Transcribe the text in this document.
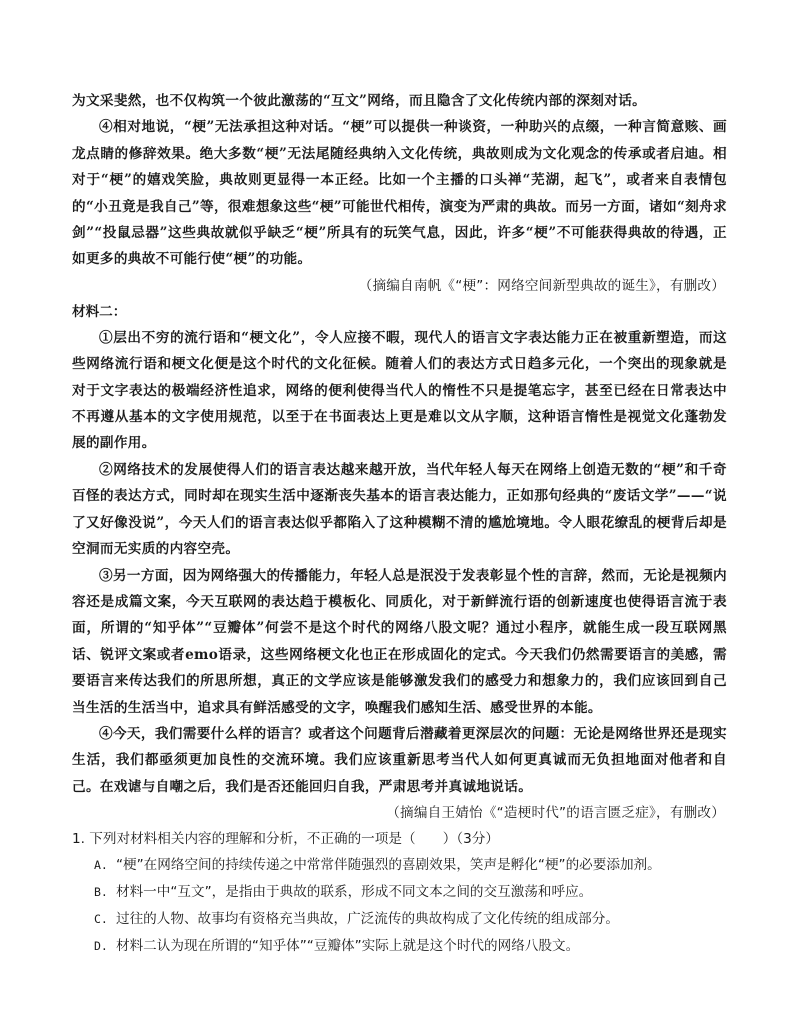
为文采斐然，也不仅构筑一个彼此激荡的“互文”网络，而且隐含了文化传统内部的深刻对话。

④相对地说，“梗”无法承担这种对话。“梗”可以提供一种谈资，一种助兴的点缀，一种言简意赅、画龙点睛的修辞效果。绝大多数“梗”无法尾随经典纳入文化传统，典故则成为文化观念的传承或者启迪。相对于“梗”的嬉戏笑脸，典故则更显得一本正经。比如一个主播的口头禅“芜湖，起飞”，或者来自表情包的“小丑竟是我自己”等，很难想象这些“梗”可能世代相传，演变为严肃的典故。而另一方面，诸如“刻舟求剑”“投鼠忌器”这些典故就似乎缺乏“梗”所具有的玩笑气息，因此，许多“梗”不可能获得典故的待遇，正如更多的典故不可能行使“梗”的功能。

（摘编自南帆《“梗”：网络空间新型典故的诞生》，有删改）

材料二：

①层出不穷的流行语和“梗文化”，令人应接不暇，现代人的语言文字表达能力正在被重新塑造，而这些网络流行语和梗文化便是这个时代的文化征候。随着人们的表达方式日趋多元化，一个突出的现象就是对于文字表达的极端经济性追求，网络的便利使得当代人的惰性不只是提笔忘字，甚至已经在日常表达中不再遵从基本的文字使用规范，以至于在书面表达上更是难以文从字顺，这种语言惰性是视觉文化蓬勃发展的副作用。

②网络技术的发展使得人们的语言表达越来越开放，当代年轻人每天在网络上创造无数的“梗”和千奇百怪的表达方式，同时却在现实生活中逐渐丧失基本的语言表达能力，正如那句经典的“废话文学”——“说了又好像没说”，今天人们的语言表达似乎都陷入了这种模糊不清的尴尬境地。令人眼花缭乱的梗背后却是空洞而无实质的内容空壳。

③另一方面，因为网络强大的传播能力，年轻人总是泯没于发表彰显个性的言辞，然而，无论是视频内容还是成篇文案，今天互联网的表达趋于模板化、同质化，对于新鲜流行语的创新速度也使得语言流于表面，所谓的“知乎体”“豆瓣体”何尝不是这个时代的网络八股文呢？通过小程序，就能生成一段互联网黑话、锐评文案或者emo语录，这些网络梗文化也正在形成固化的定式。今天我们仍然需要语言的美感，需要语言来传达我们的所思所想，真正的文学应该是能够激发我们的感受力和想象力的，我们应该回到自己当生活的生活当中，追求具有鲜活感受的文字，唤醒我们感知生活、感受世界的本能。

④今天，我们需要什么样的语言？或者这个问题背后潜藏着更深层次的问题：无论是网络世界还是现实生活，我们都亟须更加良性的交流环境。我们应该重新思考当代人如何更真诚而无负担地面对他者和自己。在戏谑与自嘲之后，我们是否还能回归自我，严肃思考并真诚地说话。

（摘编自王婧怡《“造梗时代”的语言匮乏症》，有删改）

1. 下列对材料相关内容的理解和分析，不正确的一项是（　　）（3分）

A. “梗”在网络空间的持续传递之中常常伴随强烈的喜剧效果，笑声是孵化“梗”的必要添加剂。

B. 材料一中“互文”，是指由于典故的联系，形成不同文本之间的交互激荡和呼应。

C. 过往的人物、故事均有资格充当典故，广泛流传的典故构成了文化传统的组成部分。

D. 材料二认为现在所谓的“知乎体”“豆瓣体”实际上就是这个时代的网络八股文。
